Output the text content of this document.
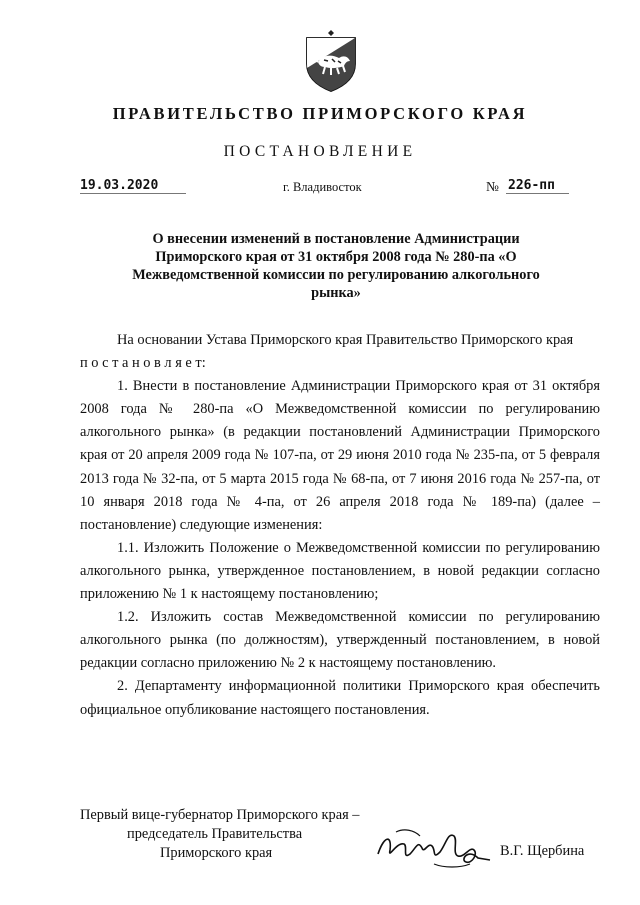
ПРАВИТЕЛЬСТВО ПРИМОРСКОГО КРАЯ
ПОСТАНОВЛЕНИЕ
19.03.2020	г. Владивосток	№ 226-пп
О внесении изменений в постановление Администрации Приморского края от 31 октября 2008 года № 280-па «О Межведомственной комиссии по регулированию алкогольного рынка»

На основании Устава Приморского края Правительство Приморского края

п о с т а н о в л я е т:

1. Внести в постановление Администрации Приморского края от 31 октября 2008 года № 280-па «О Межведомственной комиссии по регулированию алкогольного рынка» (в редакции постановлений Администрации Приморского края от 20 апреля 2009 года № 107-па, от 29 июня 2010 года № 235-па, от 5 февраля 2013 года № 32-па, от 5 марта 2015 года № 68-па, от 7 июня 2016 года № 257-па, от 10 января 2018 года № 4-па, от 26 апреля 2018 года № 189-па) (далее – постановление) следующие изменения:

1.1. Изложить Положение о Межведомственной комиссии по регулированию алкогольного рынка, утвержденное постановлением, в новой редакции согласно приложению № 1 к настоящему постановлению;

1.2. Изложить состав Межведомственной комиссии по регулированию алкогольного рынка (по должностям), утвержденный постановлением, в новой редакции согласно приложению № 2 к настоящему постановлению.

2. Департаменту информационной политики Приморского края обеспечить официальное опубликование настоящего постановления.

Первый вице-губернатор Приморского края –
председатель Правительства
Приморского края	В.Г. Щербина
